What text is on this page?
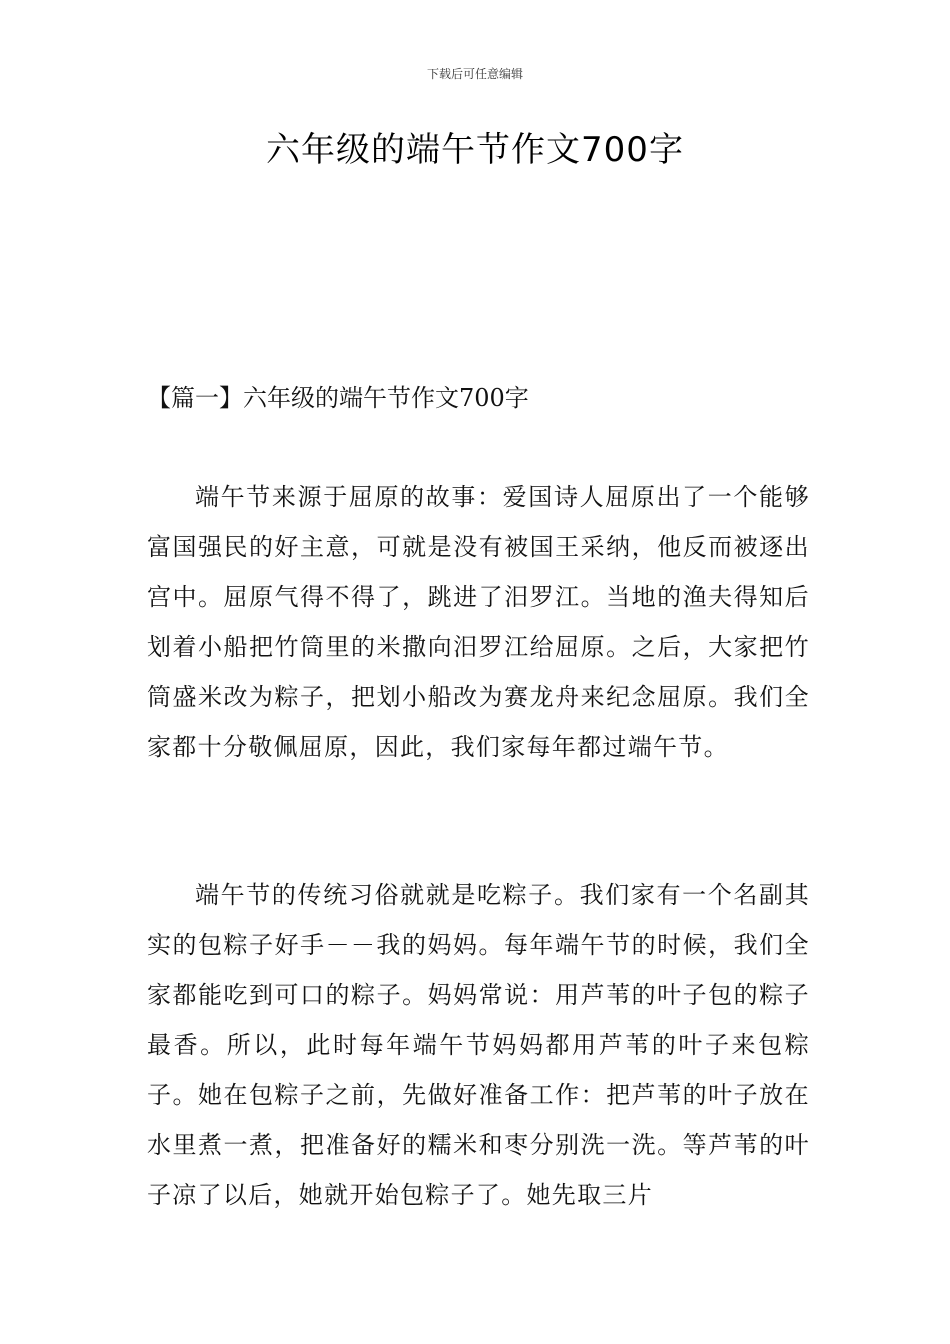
下载后可任意编辑
六年级的端午节作文700字
【篇一】六年级的端午节作文700字

端午节来源于屈原的故事：爱国诗人屈原出了一个能够富国强民的好主意，可就是没有被国王采纳，他反而被逐出宫中。屈原气得不得了，跳进了汨罗江。当地的渔夫得知后划着小船把竹筒里的米撒向汨罗江给屈原。之后，大家把竹筒盛米改为粽子，把划小船改为赛龙舟来纪念屈原。我们全家都十分敬佩屈原，因此，我们家每年都过端午节。

端午节的传统习俗就就是吃粽子。我们家有一个名副其实的包粽子好手－－我的妈妈。每年端午节的时候，我们全家都能吃到可口的粽子。妈妈常说：用芦苇的叶子包的粽子最香。所以，此时每年端午节妈妈都用芦苇的叶子来包粽子。她在包粽子之前，先做好准备工作：把芦苇的叶子放在水里煮一煮，把准备好的糯米和枣分别洗一洗。等芦苇的叶子凉了以后，她就开始包粽子了。她先取三片
